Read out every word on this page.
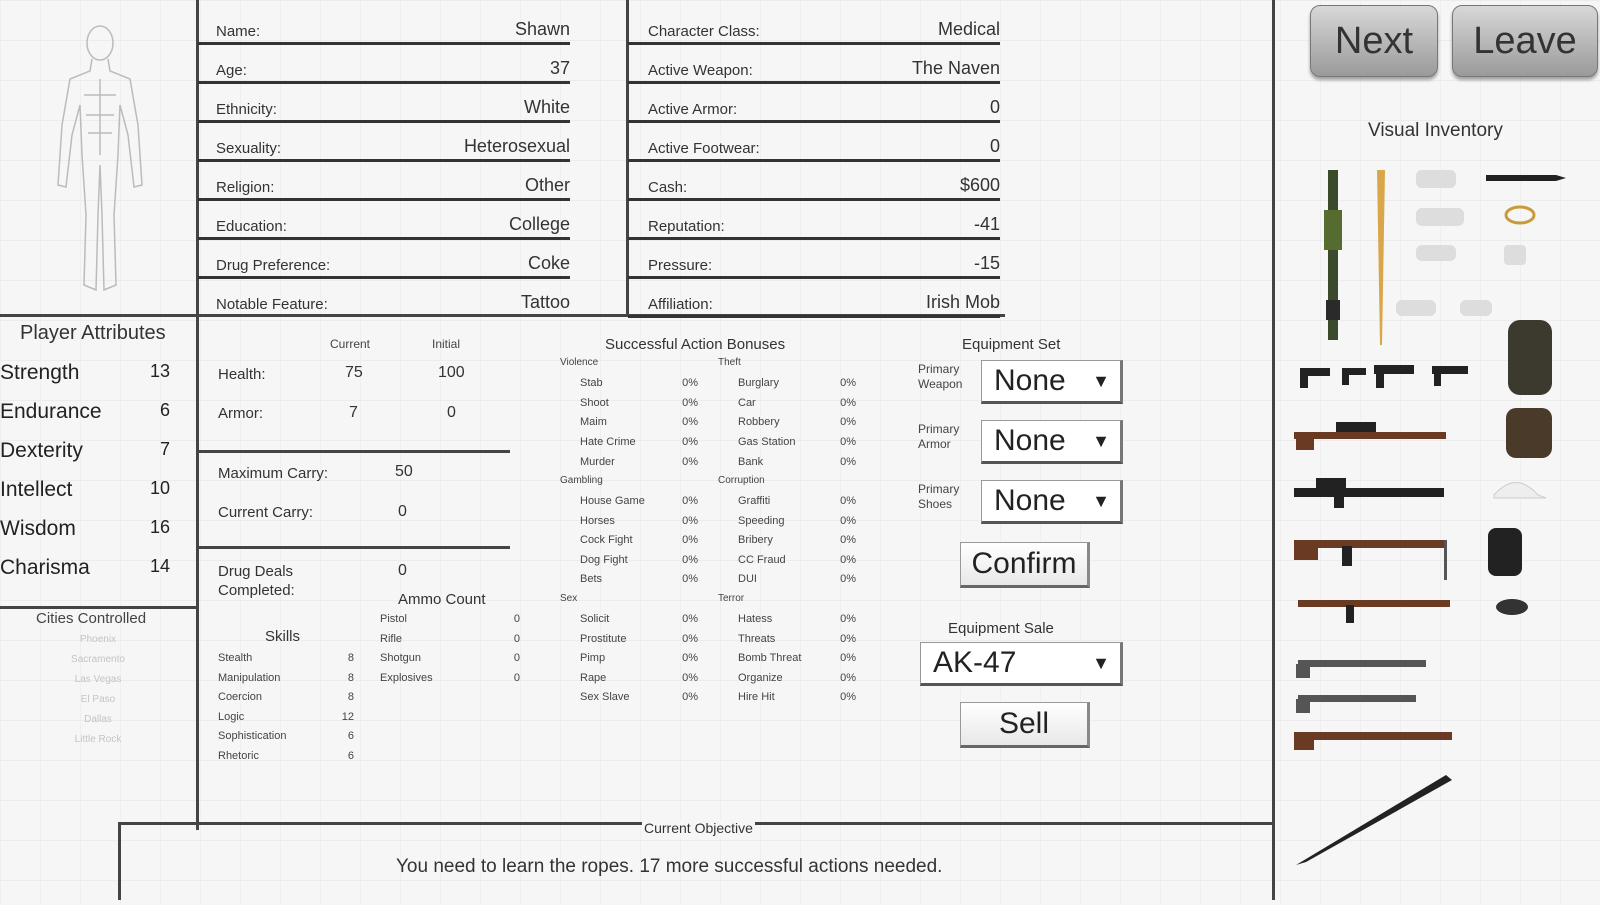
Name:	Shawn
Age:	37
Ethnicity:	White
Sexuality:	Heterosexual
Religion:	Other
Education:	College
Drug Preference:	Coke
Notable Feature:	Tattoo
Character Class:	Medical
Active Weapon:	The Naven
Active Armor:	0
Active Footwear:	0
Cash:	$600
Reputation:	-41
Pressure:	-15
Affiliation:	Irish Mob
Player Attributes
Strength	13
Endurance	6
Dexterity	7
Intellect	10
Wisdom	16
Charisma	14
Cities Controlled
Phoenix
Sacramento
Las Vegas
El Paso
Dallas
Little Rock
Current	Initial
Health:	75	100
Armor:	7	0
Maximum Carry:	50
Current Carry:	0
Drug Deals Completed:
0
Skills
Stealth	8
Manipulation	8
Coercion	8
Logic	12
Sophistication	6
Rhetoric	6
Ammo Count
Pistol	0
Rifle	0
Shotgun	0
Explosives	0
Successful Action Bonuses
Violence
Stab	0%
Shoot	0%
Maim	0%
Hate Crime	0%
Murder	0%
Theft
Burglary	0%
Car	0%
Robbery	0%
Gas Station	0%
Bank	0%
Gambling
House Game	0%
Horses	0%
Cock Fight	0%
Dog Fight	0%
Bets	0%
Corruption
Graffiti	0%
Speeding	0%
Bribery	0%
CC Fraud	0%
DUI	0%
Sex
Solicit	0%
Prostitute	0%
Pimp	0%
Rape	0%
Sex Slave	0%
Terror
Hatess	0%
Threats	0%
Bomb Threat	0%
Organize	0%
Hire Hit	0%
Equipment Set
Primary Weapon None ▼
Primary Armor	None ▼
Primary Shoes	None ▼
Confirm
Equipment Sale
AK-47	▼
Sell
Current Objective
You need to learn the ropes. 17 more successful actions needed.
Next	Leave
Visual Inventory
